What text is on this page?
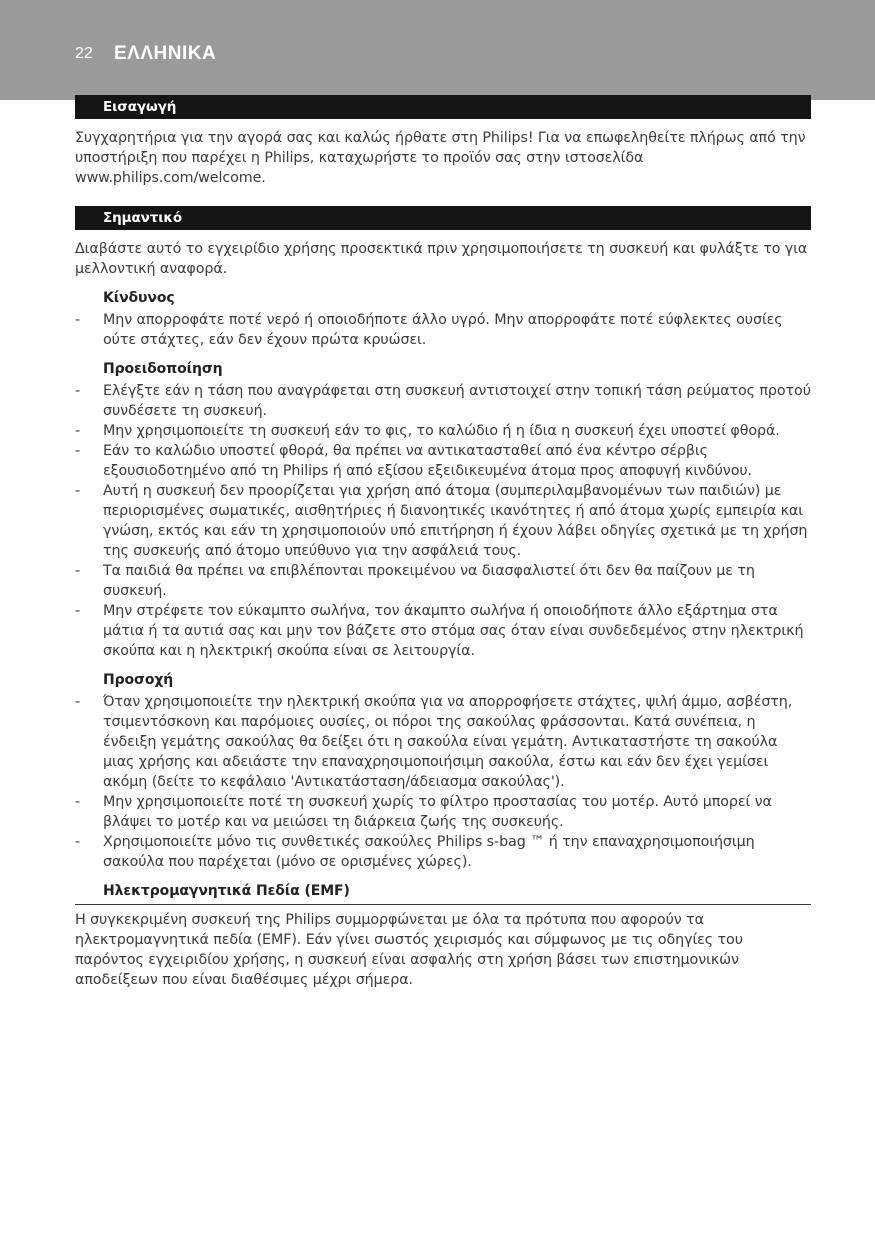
22 ΕΛΛΗΝΙΚΑ
Εισαγωγή

Συγχαρητήρια για την αγορά σας και καλώς ήρθατε στη Philips! Για να επωφεληθείτε πλήρως από την υποστήριξη που παρέχει η Philips, καταχωρήστε το προϊόν σας στην ιστοσελίδα www.philips.com/welcome.

Σημαντικό

Διαβάστε αυτό το εγχειρίδιο χρήσης προσεκτικά πριν χρησιμοποιήσετε τη συσκευή και φυλάξτε το για μελλοντική αναφορά.

Κίνδυνος
- Μην απορροφάτε ποτέ νερό ή οποιοδήποτε άλλο υγρό. Μην απορροφάτε ποτέ εύφλεκτες ουσίες ούτε στάχτες, εάν δεν έχουν πρώτα κρυώσει.
Προειδοποίηση
- Ελέγξτε εάν η τάση που αναγράφεται στη συσκευή αντιστοιχεί στην τοπική τάση ρεύματος προτού συνδέσετε τη συσκευή.
- Μην χρησιμοποιείτε τη συσκευή εάν το φις, το καλώδιο ή η ίδια η συσκευή έχει υποστεί φθορά.
- Εάν το καλώδιο υποστεί φθορά, θα πρέπει να αντικατασταθεί από ένα κέντρο σέρβις εξουσιοδοτημένο από τη Philips ή από εξίσου εξειδικευμένα άτομα προς αποφυγή κινδύνου.
- Αυτή η συσκευή δεν προορίζεται για χρήση από άτομα (συμπεριλαμβανομένων των παιδιών) με περιορισμένες σωματικές, αισθητήριες ή διανοητικές ικανότητες ή από άτομα χωρίς εμπειρία και γνώση, εκτός και εάν τη χρησιμοποιούν υπό επιτήρηση ή έχουν λάβει οδηγίες σχετικά με τη χρήση της συσκευής από άτομο υπεύθυνο για την ασφάλειά τους.
- Τα παιδιά θα πρέπει να επιβλέπονται προκειμένου να διασφαλιστεί ότι δεν θα παίζουν με τη συσκευή.
- Μην στρέφετε τον εύκαμπτο σωλήνα, τον άκαμπτο σωλήνα ή οποιοδήποτε άλλο εξάρτημα στα μάτια ή τα αυτιά σας και μην τον βάζετε στο στόμα σας όταν είναι συνδεδεμένος στην ηλεκτρική σκούπα και η ηλεκτρική σκούπα είναι σε λειτουργία.
Προσοχή
- Όταν χρησιμοποιείτε την ηλεκτρική σκούπα για να απορροφήσετε στάχτες, ψιλή άμμο, ασβέστη, τσιμεντόσκονη και παρόμοιες ουσίες, οι πόροι της σακούλας φράσσονται. Κατά συνέπεια, η ένδειξη γεμάτης σακούλας θα δείξει ότι η σακούλα είναι γεμάτη. Αντικαταστήστε τη σακούλα μιας χρήσης και αδειάστε την επαναχρησιμοποιήσιμη σακούλα, έστω και εάν δεν έχει γεμίσει ακόμη (δείτε το κεφάλαιο 'Αντικατάσταση/άδειασμα σακούλας').
- Μην χρησιμοποιείτε ποτέ τη συσκευή χωρίς το φίλτρο προστασίας του μοτέρ. Αυτό μπορεί να βλάψει το μοτέρ και να μειώσει τη διάρκεια ζωής της συσκευής.
- Χρησιμοποιείτε μόνο τις συνθετικές σακούλες Philips s-bag ™ ή την επαναχρησιμοποιήσιμη σακούλα που παρέχεται (μόνο σε ορισμένες χώρες).
Ηλεκτρομαγνητικά Πεδία (EMF)

Η συγκεκριμένη συσκευή της Philips συμμορφώνεται με όλα τα πρότυπα που αφορούν τα ηλεκτρομαγνητικά πεδία (EMF). Εάν γίνει σωστός χειρισμός και σύμφωνος με τις οδηγίες του παρόντος εγχειριδίου χρήσης, η συσκευή είναι ασφαλής στη χρήση βάσει των επιστημονικών αποδείξεων που είναι διαθέσιμες μέχρι σήμερα.
